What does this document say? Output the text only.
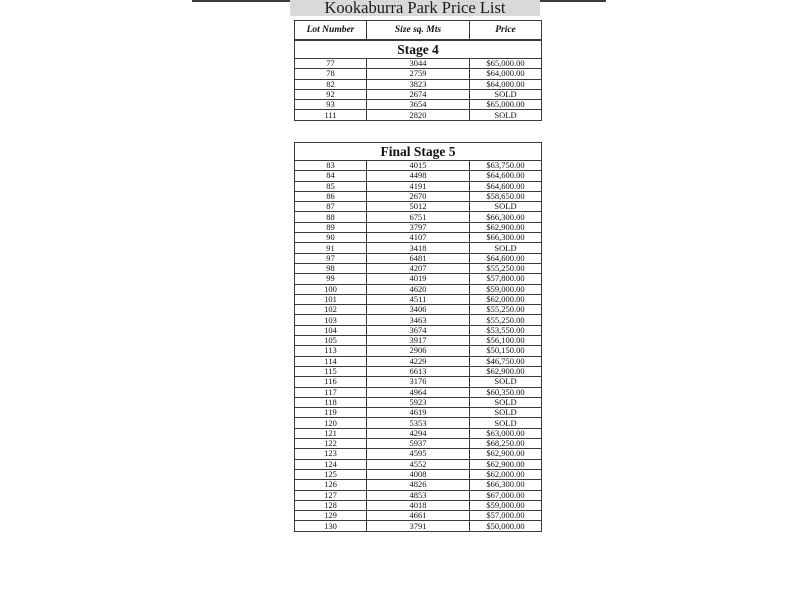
Kookaburra Park Price List
Lot Number	Size sq. Mts	Price
Stage 4		
77	3044	$65,000.00
78	2759	$64,000.00
82	3823	$64,000.00
92	2674	SOLD
93	3654	$65,000.00
111	2820	SOLD
Final Stage 5		
83	4015	$63,750.00
84	4498	$64,600.00
85	4191	$64,600.00
86	2670	$58,650.00
87	5012	SOLD
88	6751	$66,300.00
89	3797	$62,900.00
90	4107	$66,300.00
91	3418	SOLD
97	6481	$64,600.00
98	4207	$55,250.00
99	4019	$57,800.00
100	4620	$59,000.00
101	4511	$62,000.00
102	3406	$55,250.00
103	3463	$55,250.00
104	3674	$53,550.00
105	3917	$56,100.00
113	2906	$50,150.00
114	4229	$46,750.00
115	6613	$62,900.00
116	3176	SOLD
117	4964	$60,350.00
118	5923	SOLD
119	4619	SOLD
120	5353	SOLD
121	4294	$63,000.00
122	5937	$68,250.00
123	4595	$62,900.00
124	4552	$62,900.00
125	4008	$62,000.00
126	4826	$66,300.00
127	4853	$67,000.00
128	4018	$59,000.00
129	4661	$57,000.00
130	3791	$50,000.00
